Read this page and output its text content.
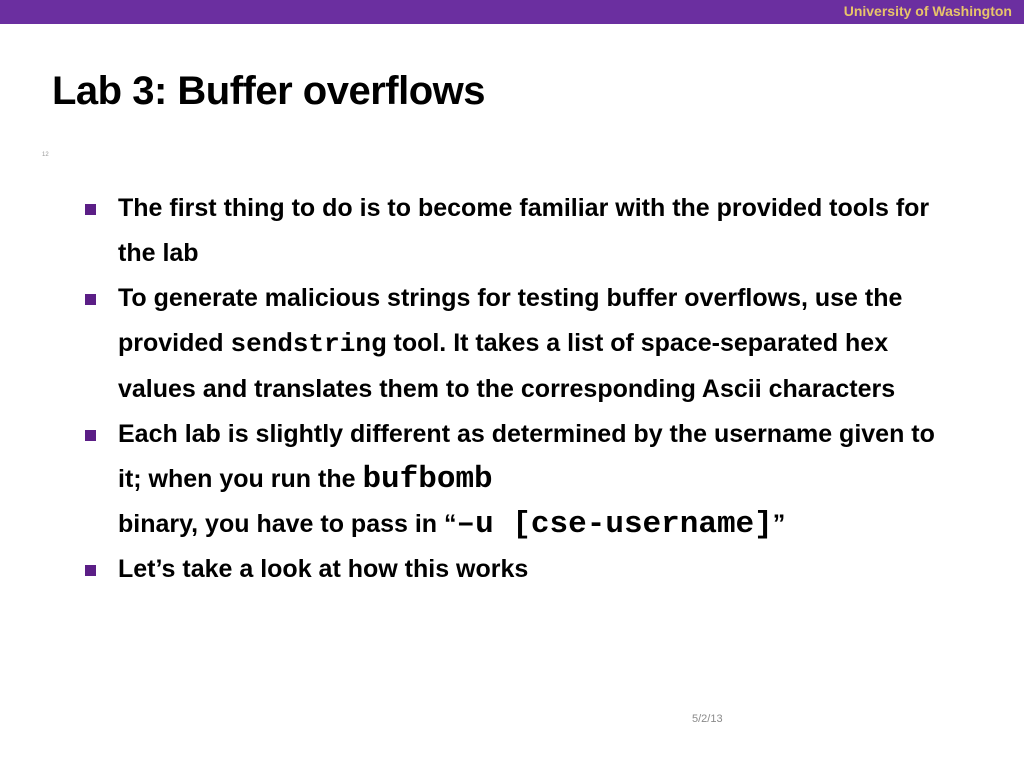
University of Washington
Lab 3: Buffer overflows
12
The first thing to do is to become familiar with the provided tools for the lab
To generate malicious strings for testing buffer overflows, use the provided sendstring tool. It takes a list of space-separated hex values and translates them to the corresponding Ascii characters
Each lab is slightly different as determined by the username given to it; when you run the bufbomb
binary, you have to pass in “–u [cse-username]”
Let’s take a look at how this works
5/2/13
